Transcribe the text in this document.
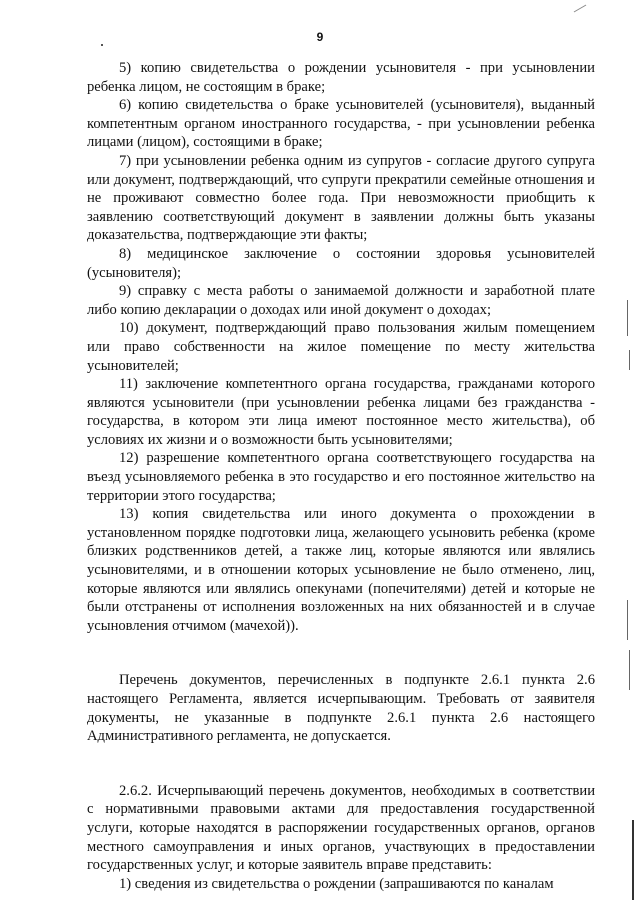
9

5) копию свидетельства о рождении усыновителя - при усыновлении ребенка лицом, не состоящим в браке;

6) копию свидетельства о браке усыновителей (усыновителя), выданный компетентным органом иностранного государства, - при усыновлении ребенка лицами (лицом), состоящими в браке;

7) при усыновлении ребенка одним из супругов - согласие другого супруга или документ, подтверждающий, что супруги прекратили семейные отношения и не проживают совместно более года. При невозможности приобщить к заявлению соответствующий документ в заявлении должны быть указаны доказательства, подтверждающие эти факты;

8) медицинское заключение о состоянии здоровья усыновителей (усыновителя);

9) справку с места работы о занимаемой должности и заработной плате либо копию декларации о доходах или иной документ о доходах;

10) документ, подтверждающий право пользования жилым помещением или право собственности на жилое помещение по месту жительства усыновителей;

11) заключение компетентного органа государства, гражданами которого являются усыновители (при усыновлении ребенка лицами без гражданства - государства, в котором эти лица имеют постоянное место жительства), об условиях их жизни и о возможности быть усыновителями;

12) разрешение компетентного органа соответствующего государства на въезд усыновляемого ребенка в это государство и его постоянное жительство на территории этого государства;

13) копия свидетельства или иного документа о прохождении в установленном порядке подготовки лица, желающего усыновить ребенка (кроме близких родственников детей, а также лиц, которые являются или являлись усыновителями, и в отношении которых усыновление не было отменено, лиц, которые являются или являлись опекунами (попечителями) детей и которые не были отстранены от исполнения возложенных на них обязанностей и в случае усыновления отчимом (мачехой)).

Перечень документов, перечисленных в подпункте 2.6.1 пункта 2.6 настоящего Регламента, является исчерпывающим. Требовать от заявителя документы, не указанные в подпункте 2.6.1 пункта 2.6 настоящего Административного регламента, не допускается.

2.6.2. Исчерпывающий перечень документов, необходимых в соответствии с нормативными правовыми актами для предоставления государственной услуги, которые находятся в распоряжении государственных органов, органов местного самоуправления и иных органов, участвующих в предоставлении государственных услуг, и которые заявитель вправе представить:

1) сведения из свидетельства о рождении (запрашиваются по каналам
